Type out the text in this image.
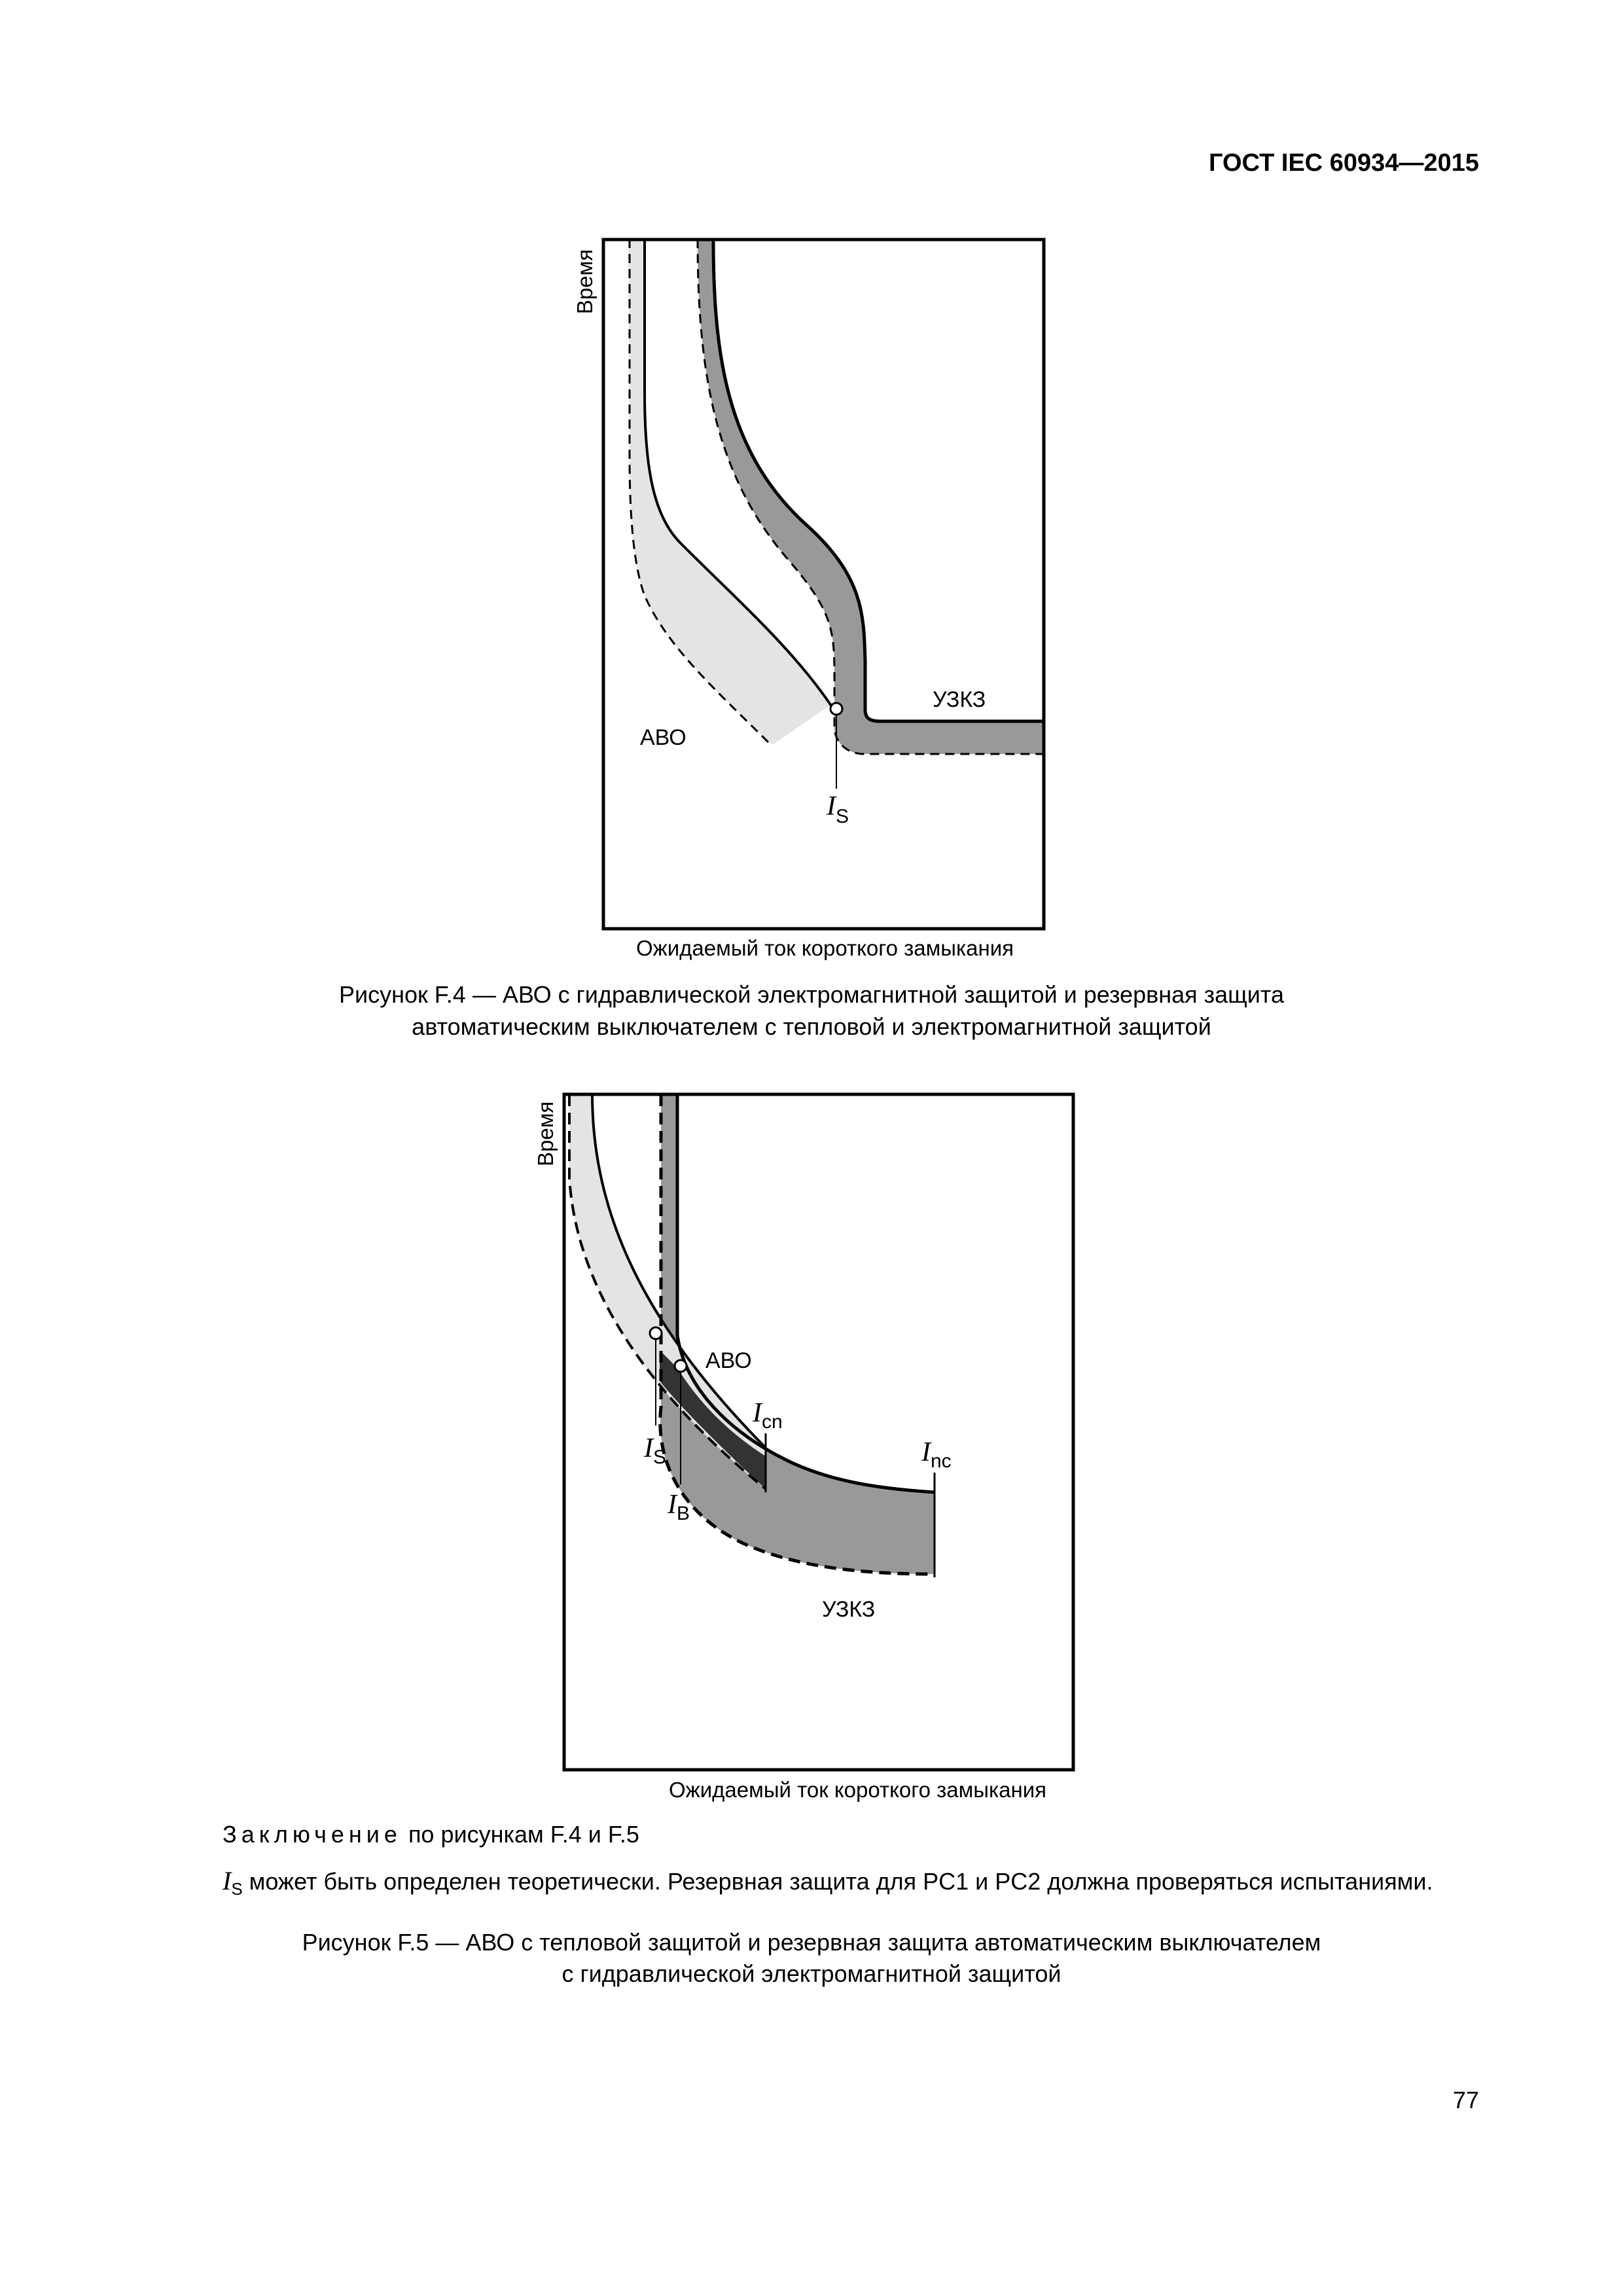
ГОСТ IEC 60934—2015
Время
АВО
УЗКЗ
$I_S$
Ожидаемый ток короткого замыкания
Рисунок F.4 — АВО с гидравлической электромагнитной защитой и резервная защита
автоматическим выключателем с тепловой и электромагнитной защитой
Время
АВО
УЗКЗ
$I_{cn}$
$I_{nc}$
$I_S$
$I_B$
Ожидаемый ток короткого замыкания
Заключение по рисункам F.4 и F.5
$I_S$ может быть определен теоретически. Резервная защита для PC1 и PC2 должна проверяться испытаниями.
Рисунок F.5 — АВО с тепловой защитой и резервная защита автоматическим выключателем
с гидравлической электромагнитной защитой
77
